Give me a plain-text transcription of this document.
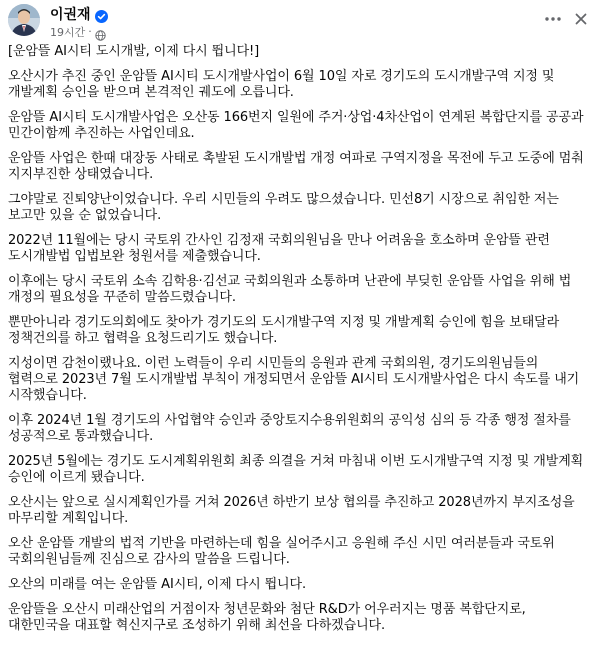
이권재
19시간 ·

[운암뜰 AI시티 도시개발, 이제 다시 뜁니다!]

오산시가 추진 중인 운암뜰 AI시티 도시개발사업이 6월 10일 자로 경기도의 도시개발구역 지정 및 개발계획 승인을 받으며 본격적인 궤도에 오릅니다.

운암뜰 AI시티 도시개발사업은 오산동 166번지 일원에 주거·상업·4차산업이 연계된 복합단지를 공공과 민간이함께 추진하는 사업인데요.

운암뜰 사업은 한때 대장동 사태로 촉발된 도시개발법 개정 여파로 구역지정을 목전에 두고 도중에 멈춰 지지부진한 상태였습니다.

그야말로 진퇴양난이었습니다. 우리 시민들의 우려도 많으셨습니다. 민선8기 시장으로 취임한 저는 보고만 있을 순 없었습니다.

2022년 11월에는 당시 국토위 간사인 김정재 국회의원님을 만나 어려움을 호소하며 운암뜰 관련 도시개발법 입법보완 청원서를 제출했습니다.

이후에는 당시 국토위 소속 김학용·김선교 국회의원과 소통하며 난관에 부딪힌 운암뜰 사업을 위해 법 개정의 필요성을 꾸준히 말씀드렸습니다.

뿐만아니라 경기도의회에도 찾아가 경기도의 도시개발구역 지정 및 개발계획 승인에 힘을 보태달라 정책건의를 하고 협력을 요청드리기도 했습니다.

지성이면 감천이랬나요. 이런 노력들이 우리 시민들의 응원과 관계 국회의원, 경기도의원님들의 협력으로 2023년 7월 도시개발법 부칙이 개정되면서 운암뜰 AI시티 도시개발사업은 다시 속도를 내기 시작했습니다.

이후 2024년 1월 경기도의 사업협약 승인과 중앙토지수용위원회의 공익성 심의 등 각종 행정 절차를 성공적으로 통과했습니다.

2025년 5월에는 경기도 도시계획위원회 최종 의결을 거쳐 마침내 이번 도시개발구역 지정 및 개발계획 승인에 이르게 됐습니다.

오산시는 앞으로 실시계획인가를 거쳐 2026년 하반기 보상 협의를 추진하고 2028년까지 부지조성을 마무리할 계획입니다.

오산 운암뜰 개발의 법적 기반을 마련하는데 힘을 실어주시고 응원해 주신 시민 여러분들과 국토위 국회의원님들께 진심으로 감사의 말씀을 드립니다.

오산의 미래를 여는 운암뜰 AI시티, 이제 다시 뜁니다.

운암뜰을 오산시 미래산업의 거점이자 청년문화와 첨단 R&D가 어우러지는 명품 복합단지로, 대한민국을 대표할 혁신지구로 조성하기 위해 최선을 다하겠습니다.
